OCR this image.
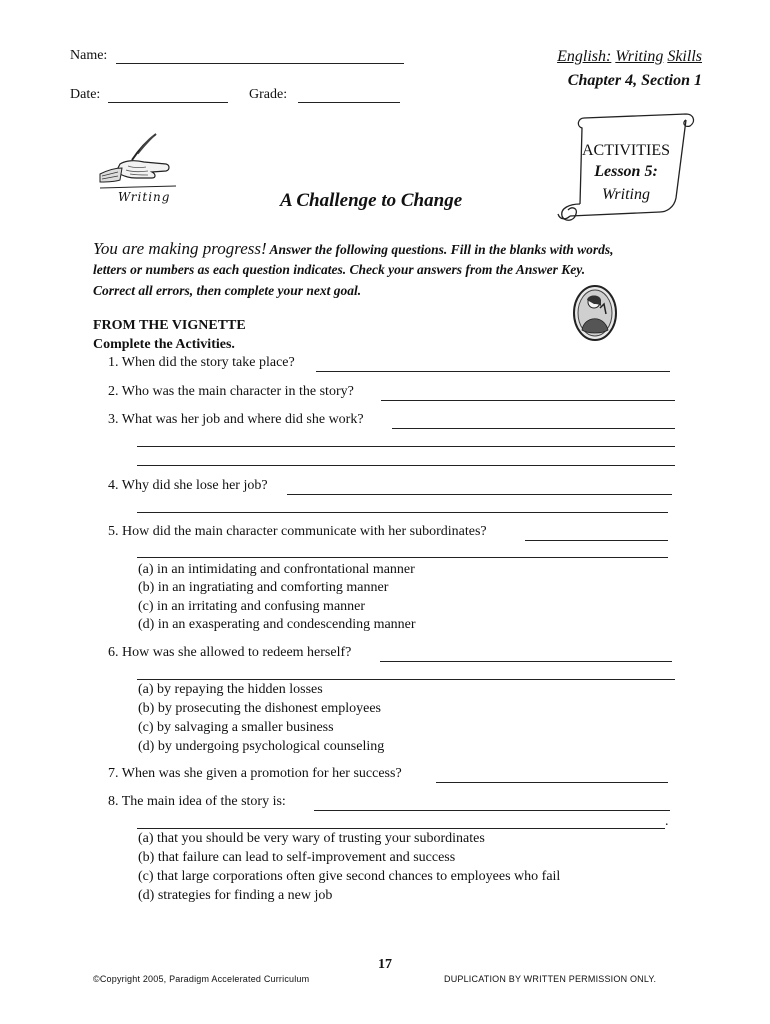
Name:
Date:	Grade:
English: Writing Skills
Chapter 4, Section 1
Writing	A Challenge to Change
ACTIVITIES
Lesson 5:
Writing
You are making progress! Answer the following questions. Fill in the blanks with words,
letters or numbers as each question indicates. Check your answers from the Answer Key.
Correct all errors, then complete your next goal.
FROM THE VIGNETTE
Complete the Activities.
1. When did the story take place?
2. Who was the main character in the story?
3. What was her job and where did she work?
4. Why did she lose her job?
5. How did the main character communicate with her subordinates?
(a) in an intimidating and confrontational manner
(b) in an ingratiating and comforting manner
(c) in an irritating and confusing manner
(d) in an exasperating and condescending manner
6. How was she allowed to redeem herself?
(a) by repaying the hidden losses
(b) by prosecuting the dishonest employees
(c) by salvaging a smaller business
(d) by undergoing psychological counseling
7. When was she given a promotion for her success?
8. The main idea of the story is:
.
(a) that you should be very wary of trusting your subordinates
(b) that failure can lead to self-improvement and success
(c) that large corporations often give second chances to employees who fail
(d) strategies for finding a new job
17
©Copyright 2005, Paradigm Accelerated Curriculum	DUPLICATION BY WRITTEN PERMISSION ONLY.
